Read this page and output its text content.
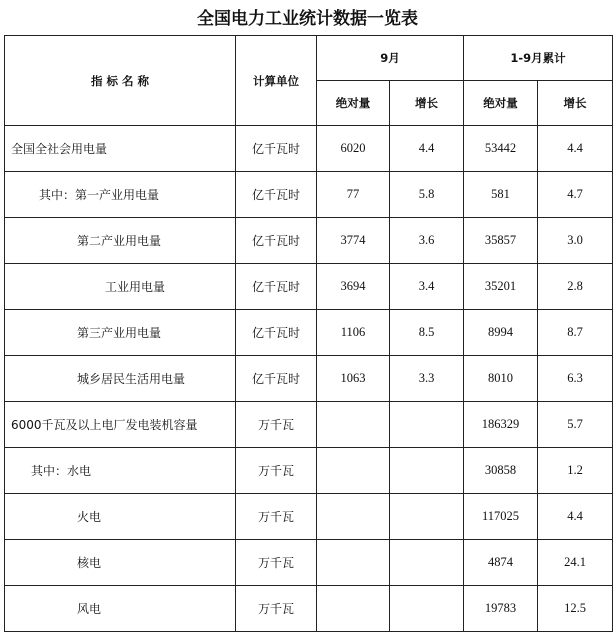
全国电力工业统计数据一览表
指 标 名 称	计算单位	9月		1-9月累计	
		绝对量	增长	绝对量	增长
全国全社会用电量	亿千瓦时	6020	4.4	53442	4.4
其中：第一产业用电量	亿千瓦时	77	5.8	581	4.7
第二产业用电量	亿千瓦时	3774	3.6	35857	3.0
工业用电量	亿千瓦时	3694	3.4	35201	2.8
第三产业用电量	亿千瓦时	1106	8.5	8994	8.7
城乡居民生活用电量	亿千瓦时	1063	3.3	8010	6.3
6000千瓦及以上电厂发电装机容量	万千瓦			186329	5.7
其中：水电	万千瓦			30858	1.2
火电	万千瓦			117025	4.4
核电	万千瓦			4874	24.1
风电	万千瓦			19783	12.5
